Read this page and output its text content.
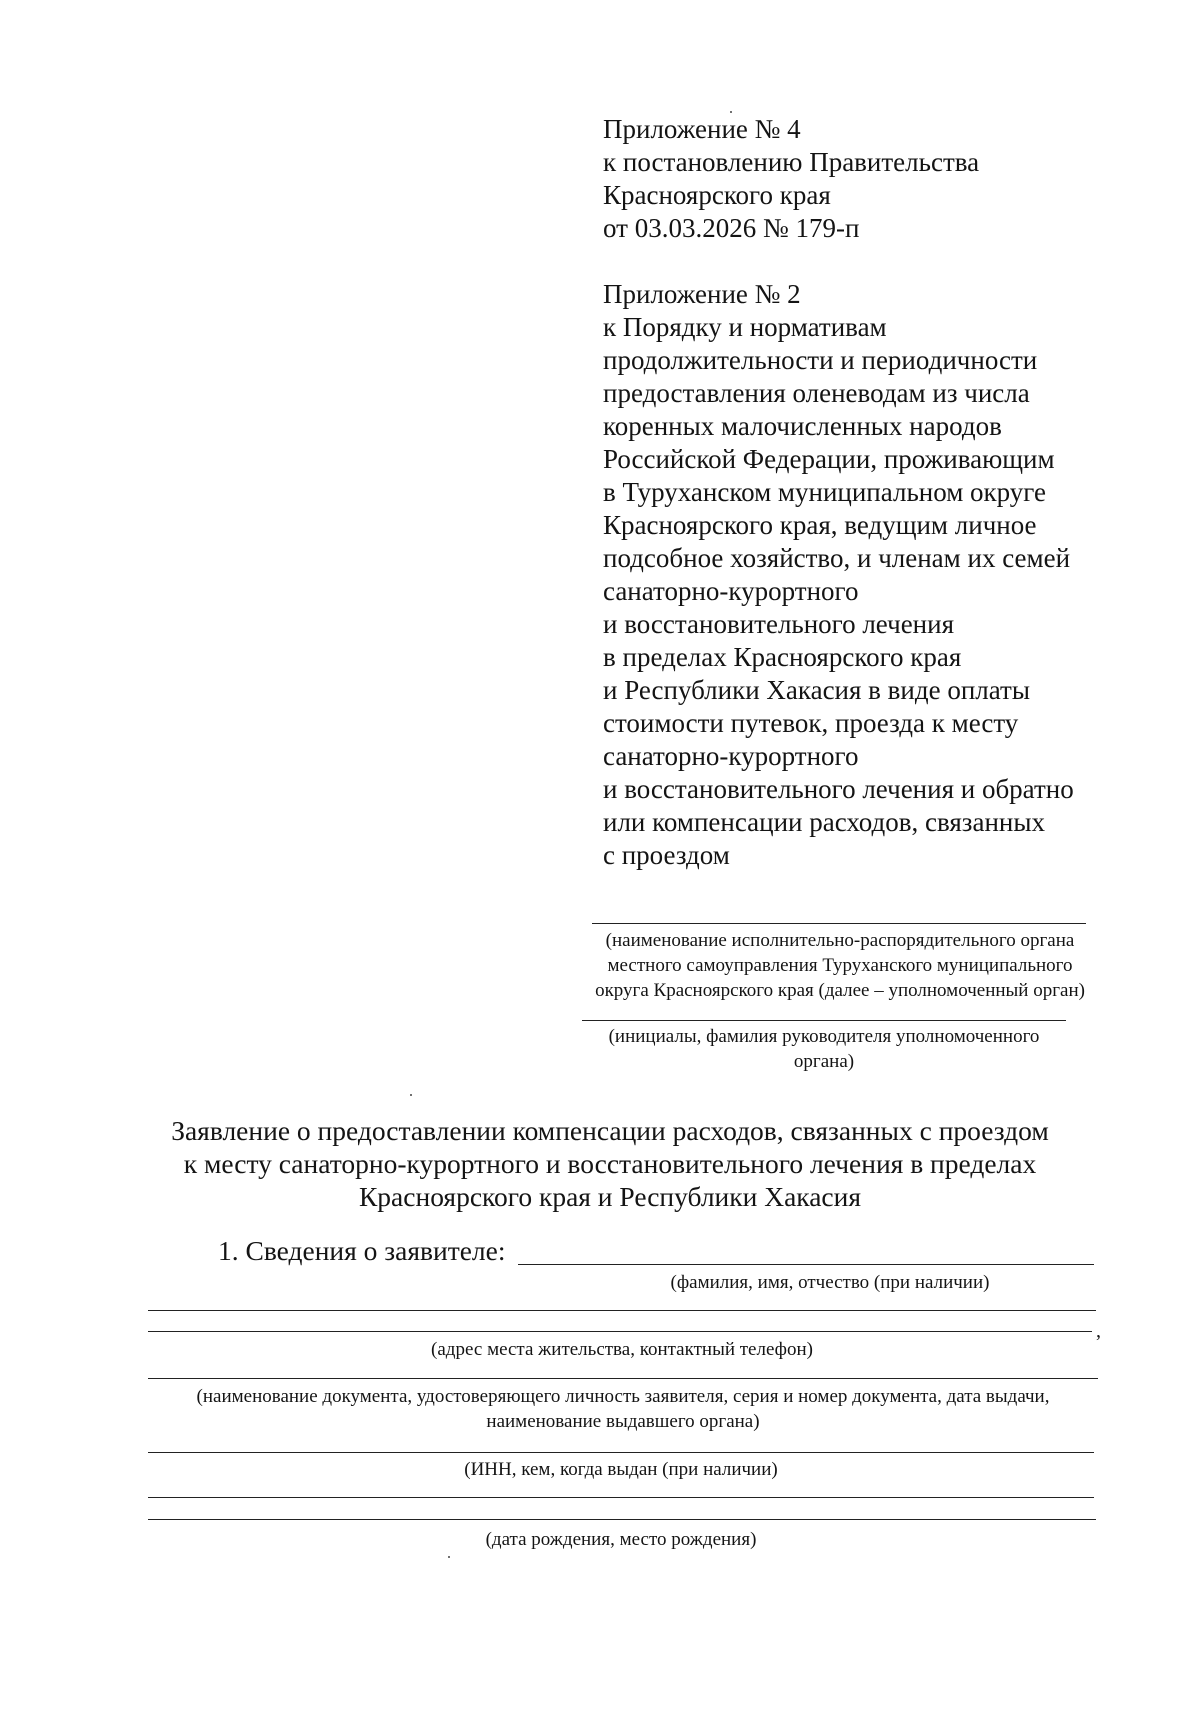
Приложение № 4
к постановлению Правительства
Красноярского края
от 03.03.2026 № 179-п
Приложение № 2
к Порядку и нормативам
продолжительности и периодичности
предоставления оленеводам из числа
коренных малочисленных народов
Российской Федерации, проживающим
в Туруханском муниципальном округе
Красноярского края, ведущим личное
подсобное хозяйство, и членам их семей
санаторно-курортного
и восстановительного лечения
в пределах Красноярского края
и Республики Хакасия в виде оплаты
стоимости путевок, проезда к месту
санаторно-курортного
и восстановительного лечения и обратно
или компенсации расходов, связанных
с проездом
(наименование исполнительно-распорядительного органа
местного самоуправления Туруханского муниципального
округа Красноярского края (далее – уполномоченный орган)
(инициалы, фамилия руководителя уполномоченного
органа)
Заявление о предоставлении компенсации расходов, связанных с проездом
к месту санаторно-курортного и восстановительного лечения в пределах
Красноярского края и Республики Хакасия
1. Сведения о заявителе:
(фамилия, имя, отчество (при наличии)
,
(адрес места жительства, контактный телефон)
(наименование документа, удостоверяющего личность заявителя, серия и номер документа, дата выдачи,
наименование выдавшего органа)
(ИНН, кем, когда выдан (при наличии)
(дата рождения, место рождения)
